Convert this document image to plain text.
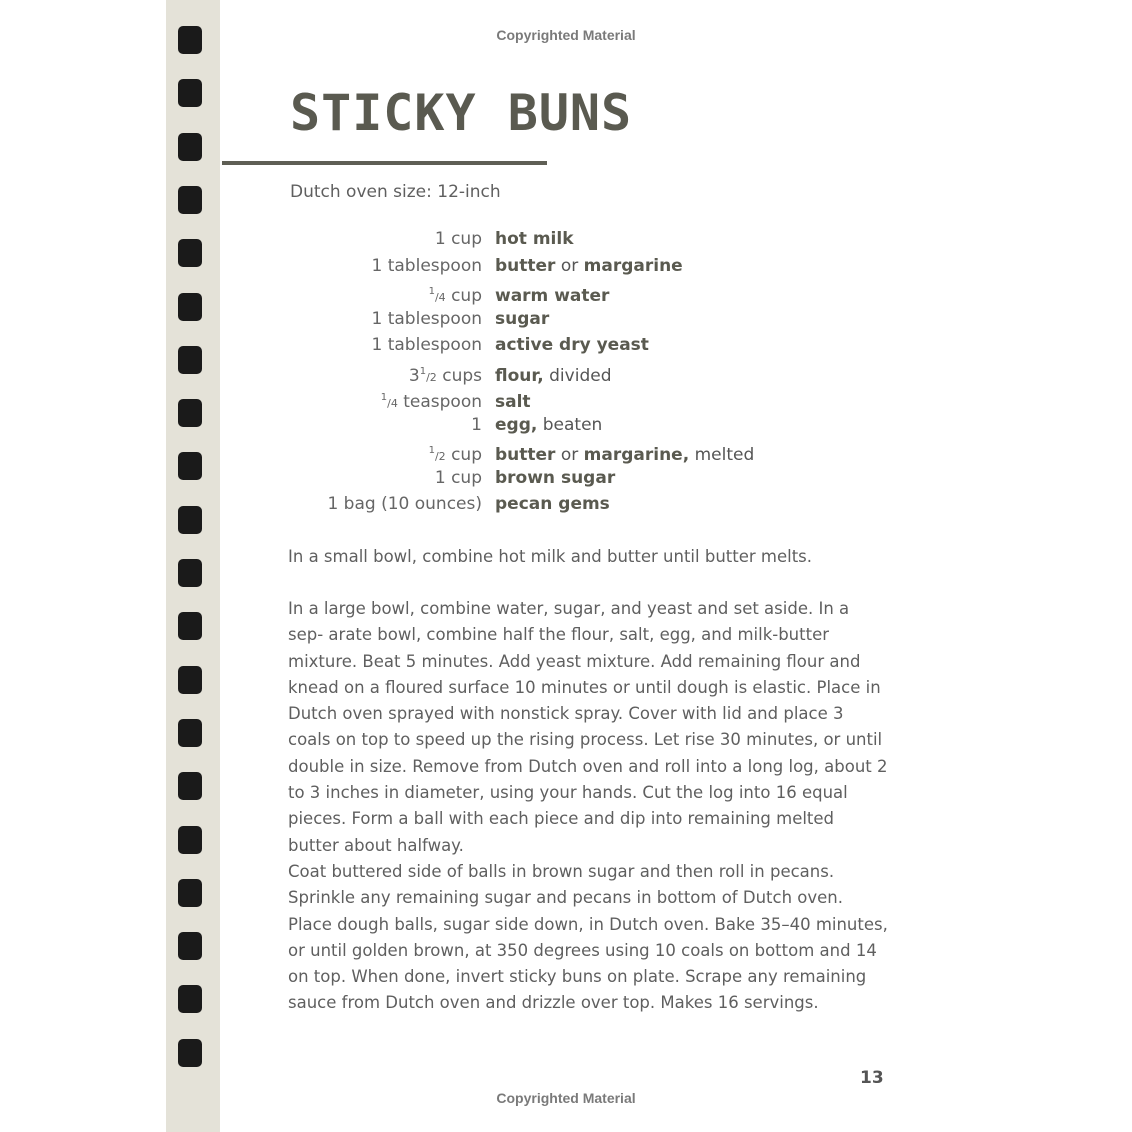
Copyrighted Material
STICKY BUNS
Dutch oven size: 12-inch
1 cup hot milk
1 tablespoon butter or margarine
$^1$/4 cup warm water
1 tablespoon sugar
1 tablespoon active dry yeast
$3^1/2$ cups flour, divided
$^1$/4 teaspoon salt
1 egg, beaten
$^1$/2 cup butter or margarine, melted
1 cup brown sugar
1 bag (10 ounces) pecan gems

In a small bowl, combine hot milk and butter until butter melts.

In a large bowl, combine water, sugar, and yeast and set aside. In a sep- arate bowl, combine half the flour, salt, egg, and milk-butter mixture. Beat 5 minutes. Add yeast mixture. Add remaining flour and knead on a floured surface 10 minutes or until dough is elastic. Place in Dutch oven sprayed with nonstick spray. Cover with lid and place 3 coals on top to speed up the rising process. Let rise 30 minutes, or until double in size. Remove from Dutch oven and roll into a long log, about 2 to 3 inches in diameter, using your hands. Cut the log into 16 equal pieces. Form a ball with each piece and dip into remaining melted butter about halfway.

Coat buttered side of balls in brown sugar and then roll in pecans. Sprinkle any remaining sugar and pecans in bottom of Dutch oven. Place dough balls, sugar side down, in Dutch oven. Bake 35–40 minutes, or until golden brown, at 350 degrees using 10 coals on bottom and 14 on top. When done, invert sticky buns on plate. Scrape any remaining sauce from Dutch oven and drizzle over top. Makes 16 servings.

13
Copyrighted Material
